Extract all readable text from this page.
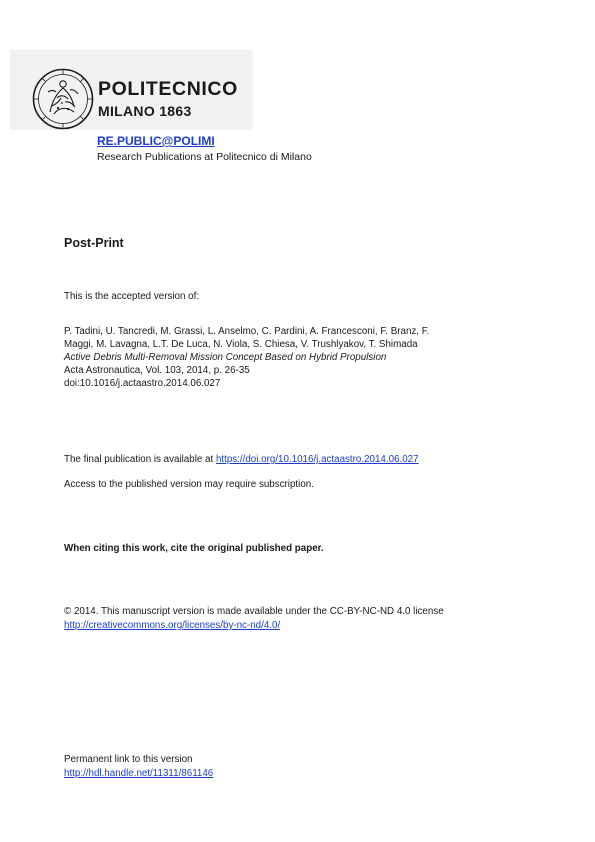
POLITECNICO
MILANO 1863
RE.PUBLIC@POLIMI
Research Publications at Politecnico di Milano
Post-Print
This is the accepted version of:
P. Tadini, U. Tancredi, M. Grassi, L. Anselmo, C. Pardini, A. Francesconi, F. Branz, F.
Maggi, M. Lavagna, L.T. De Luca, N. Viola, S. Chiesa, V. Trushlyakov, T. Shimada
Active Debris Multi-Removal Mission Concept Based on Hybrid Propulsion
Acta Astronautica, Vol. 103, 2014, p. 26-35
doi:10.1016/j.actaastro.2014.06.027
The final publication is available at https://doi.org/10.1016/j.actaastro.2014.06.027
Access to the published version may require subscription.
When citing this work, cite the original published paper.
© 2014. This manuscript version is made available under the CC-BY-NC-ND 4.0 license
http://creativecommons.org/licenses/by-nc-nd/4.0/
Permanent link to this version
http://hdl.handle.net/11311/861146
